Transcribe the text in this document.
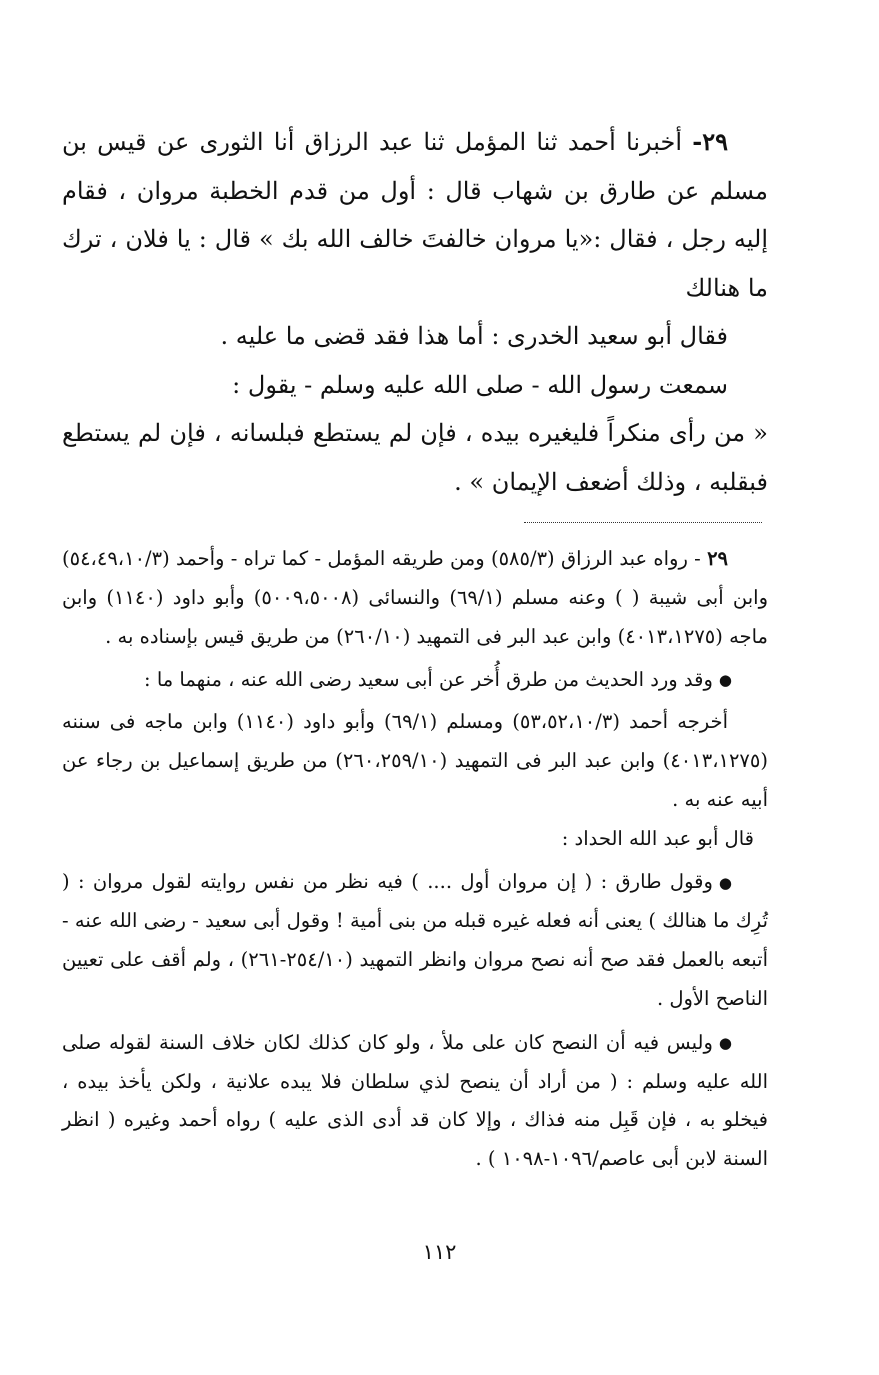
٢٩- أخبرنا أحمد ثنا المؤمل ثنا عبد الرزاق أنا الثورى عن قيس بن مسلم عن طارق بن شهاب قال : أول من قدم الخطبة مروان ، فقام إليه رجل ، فقال :«يا مروان خالفتَ خالف الله بك » قال : يا فلان ، ترك ما هنالك

فقال أبو سعيد الخدرى : أما هذا فقد قضى ما عليه .

سمعت رسول الله - صلى الله عليه وسلم - يقول :

« من رأى منكراً فليغيره بيده ، فإن لم يستطع فبلسانه ، فإن لم يستطع فبقلبه ، وذلك أضعف الإيمان » .

٢٩ - رواه عبد الرزاق (٥٨٥/٣) ومن طريقه المؤمل - كما تراه - وأحمد (٥٤،٤٩،١٠/٣) وابن أبى شيبة ( ) وعنه مسلم (٦٩/١) والنسائى (٥٠٠٩،٥٠٠٨) وأبو داود (١١٤٠) وابن ماجه (٤٠١٣،١٢٧٥) وابن عبد البر فى التمهيد (٢٦٠/١٠) من طريق قيس بإسناده به .

●وقد ورد الحديث من طرق أُخر عن أبى سعيد رضى الله عنه ، منهما ما :

أخرجه أحمد (٥٣،٥٢،١٠/٣) ومسلم (٦٩/١) وأبو داود (١١٤٠) وابن ماجه فى سننه (٤٠١٣،١٢٧٥) وابن عبد البر فى التمهيد (٢٦٠،٢٥٩/١٠) من طريق إسماعيل بن رجاء عن أبيه عنه به .

قال أبو عبد الله الحداد :

●وقول طارق : ( إن مروان أول .... ) فيه نظر من نفس روايته لقول مروان : ( تُرِك ما هنالك ) يعنى أنه فعله غيره قبله من بنى أمية ! وقول أبى سعيد - رضى الله عنه - أتبعه بالعمل فقد صح أنه نصح مروان وانظر التمهيد (٢٥٤/١٠-٢٦١) ، ولم أقف على تعيين الناصح الأول .

●وليس فيه أن النصح كان على ملأ ، ولو كان كذلك لكان خلاف السنة لقوله صلى الله عليه وسلم : ( من أراد أن ينصح لذي سلطان فلا يبده علانية ، ولكن يأخذ بيده ، فيخلو به ، فإن قَبِل منه فذاك ، وإلا كان قد أدى الذى عليه ) رواه أحمد وغيره ( انظر السنة لابن أبى عاصم/١٠٩٦-١٠٩٨ ) .

١١٢
